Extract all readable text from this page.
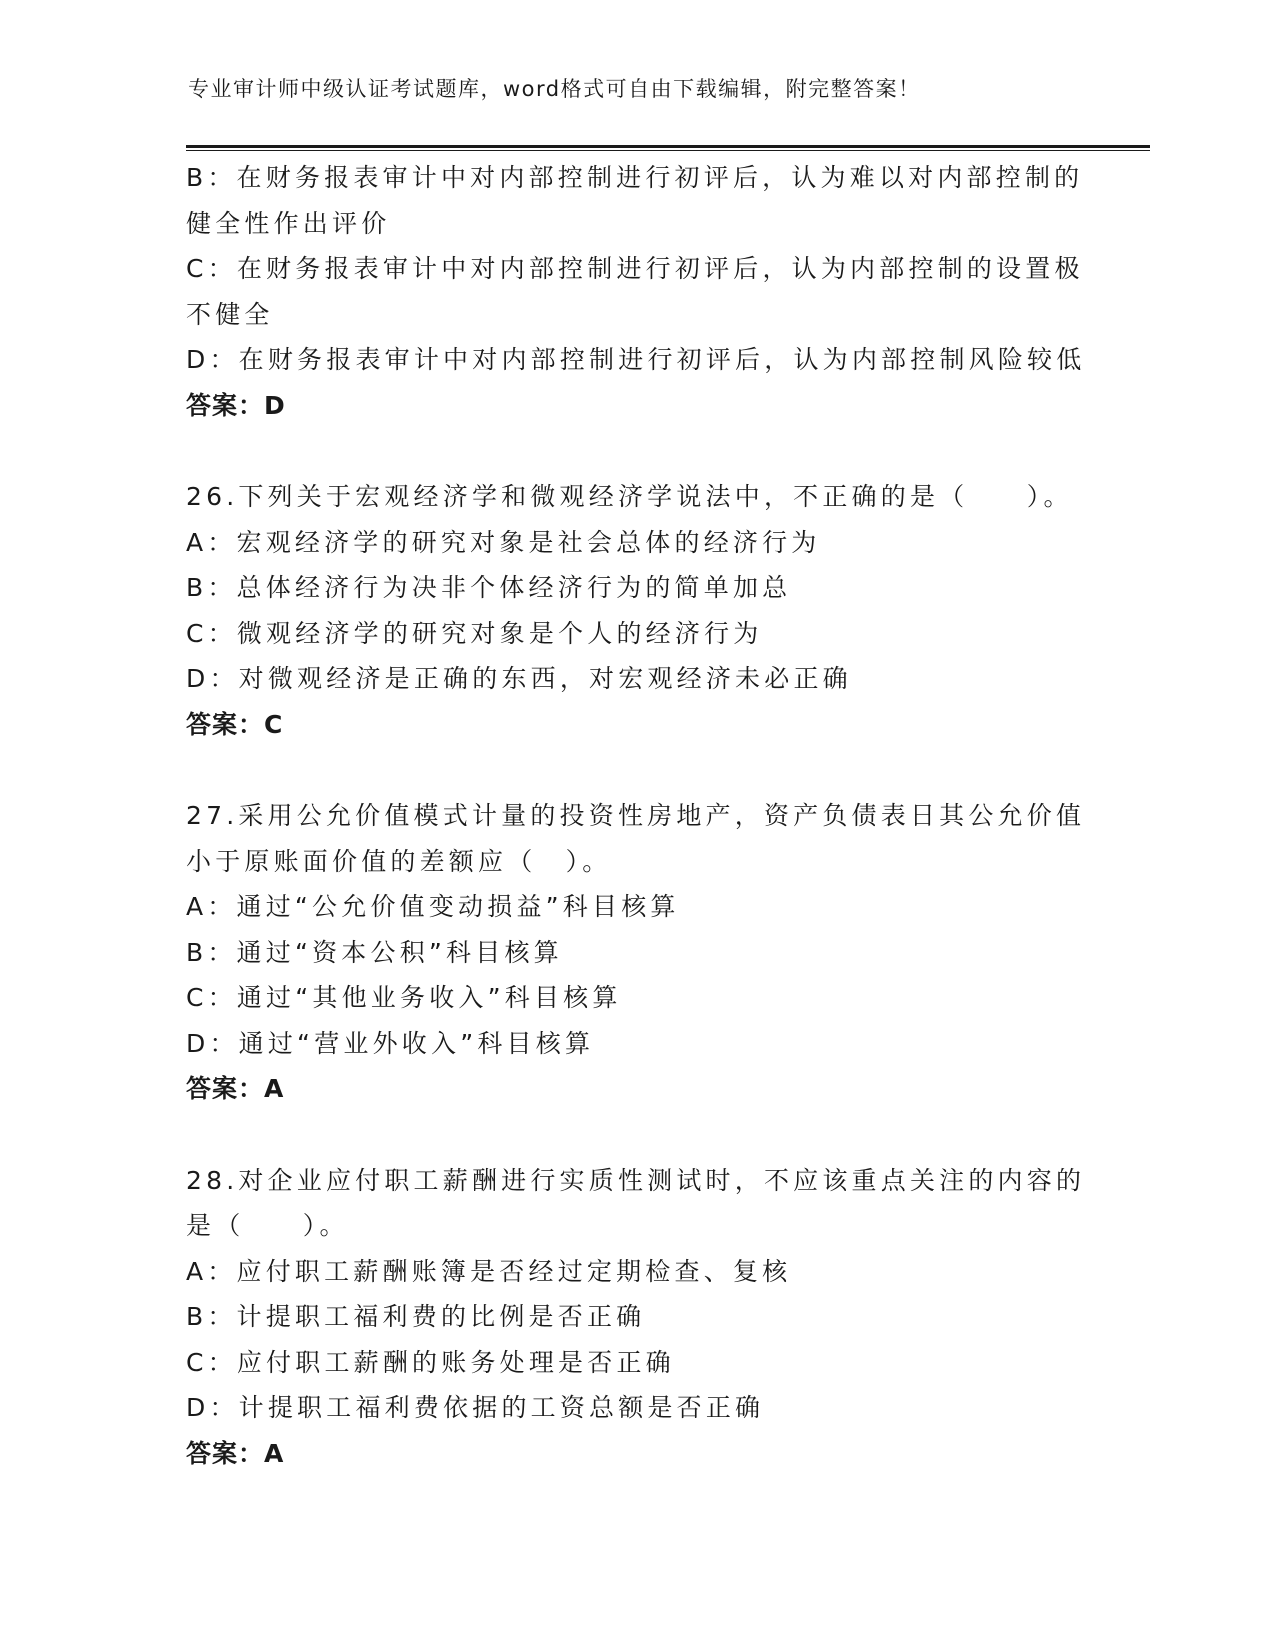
专业审计师中级认证考试题库，word格式可自由下载编辑，附完整答案！
B：在财务报表审计中对内部控制进行初评后，认为难以对内部控制的
健全性作出评价
C：在财务报表审计中对内部控制进行初评后，认为内部控制的设置极
不健全
D：在财务报表审计中对内部控制进行初评后，认为内部控制风险较低
答案：D
26.下列关于宏观经济学和微观经济学说法中，不正确的是（　　）。
A：宏观经济学的研究对象是社会总体的经济行为
B：总体经济行为决非个体经济行为的简单加总
C：微观经济学的研究对象是个人的经济行为
D：对微观经济是正确的东西，对宏观经济未必正确
答案：C
27.采用公允价值模式计量的投资性房地产，资产负债表日其公允价值
小于原账面价值的差额应（　）。
A：通过“公允价值变动损益”科目核算
B：通过“资本公积”科目核算
C：通过“其他业务收入”科目核算
D：通过“营业外收入”科目核算
答案：A
28.对企业应付职工薪酬进行实质性测试时，不应该重点关注的内容的
是（　　）。
A：应付职工薪酬账簿是否经过定期检查、复核
B：计提职工福利费的比例是否正确
C：应付职工薪酬的账务处理是否正确
D：计提职工福利费依据的工资总额是否正确
答案：A
